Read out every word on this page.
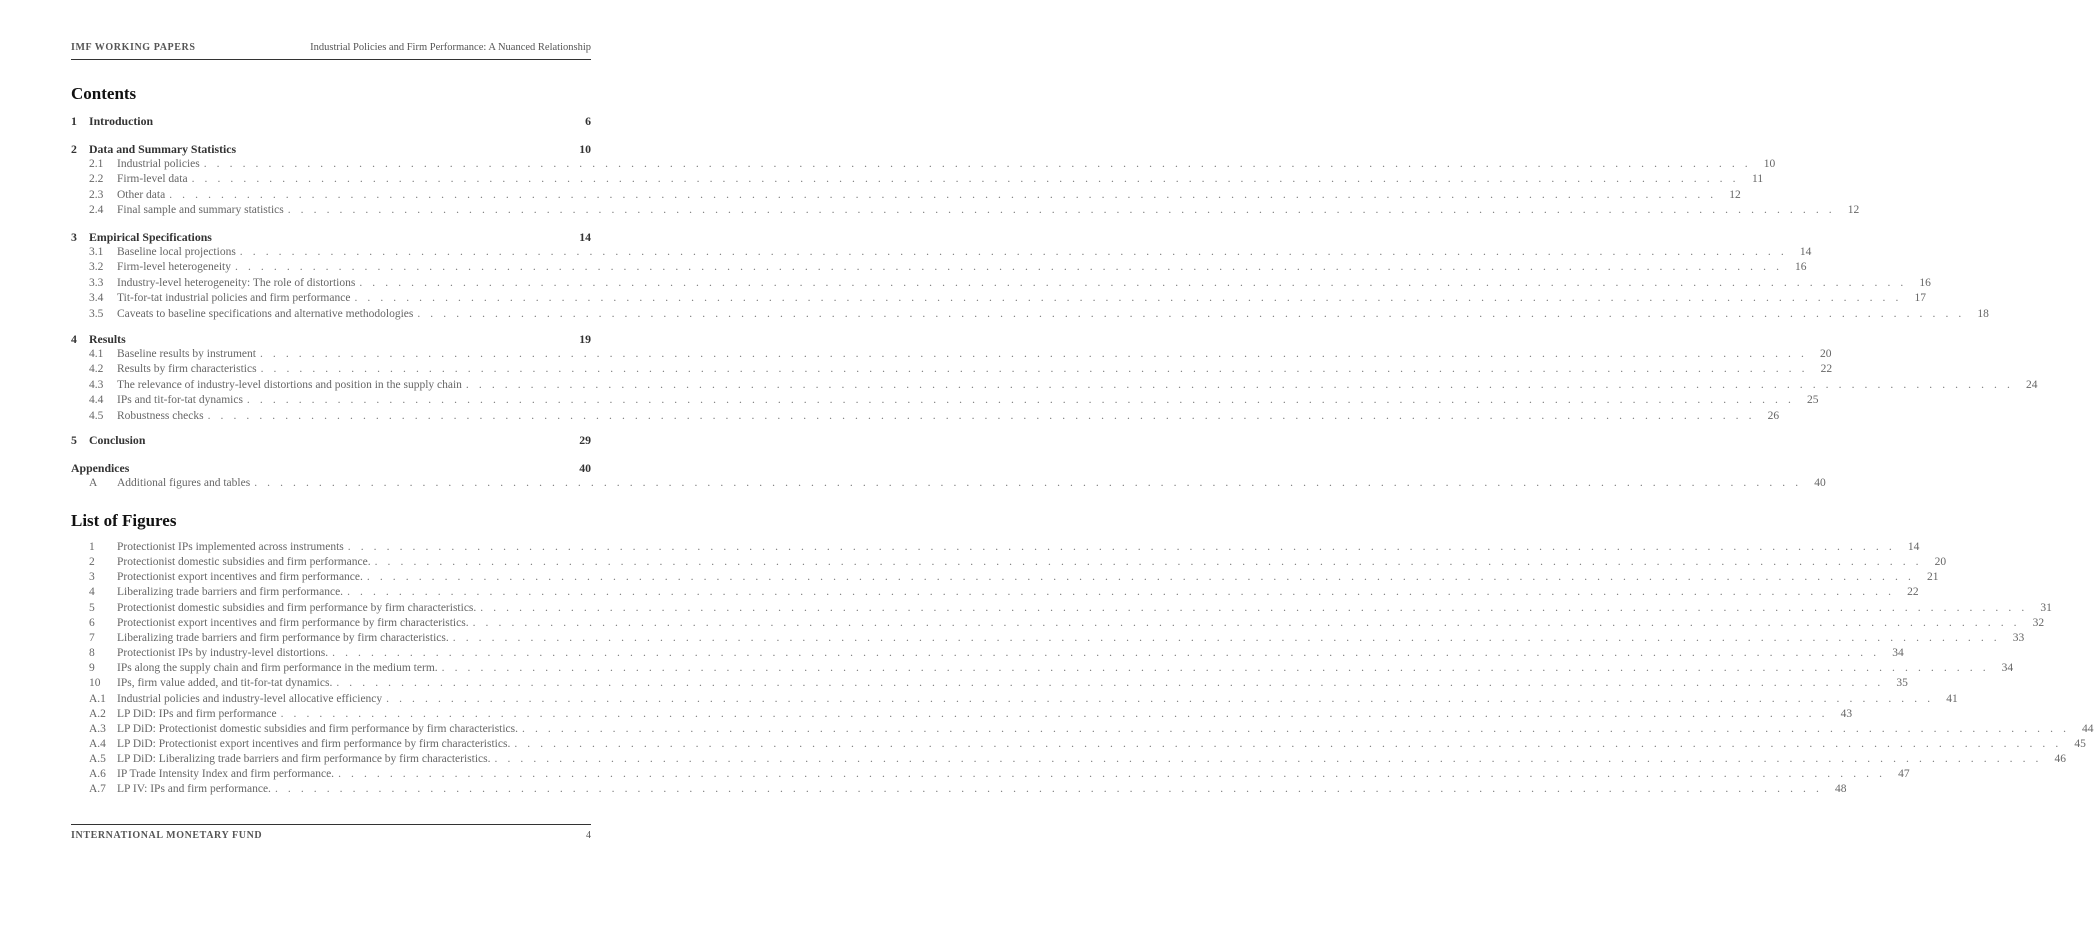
IMF WORKING PAPERS	Industrial Policies and Firm Performance: A Nuanced Relationship
Contents
1	Introduction	6
2	Data and Summary Statistics	10
2.1	Industrial policies . . . . . . . . . . . . . . . . . . . . . . . . . . . . . . . . . . . . . . . . . . . . . . . . . . . . . . . . . . . . . . . . . . . . . . . . . . . . . . . . . . . . . . . . . . . . . . . . . . . . . . . . . . . . . . . . . . . . . . . .	10
2.2	Firm-level data . . . . . . . . . . . . . . . . . . . . . . . . . . . . . . . . . . . . . . . . . . . . . . . . . . . . . . . . . . . . . . . . . . . . . . . . . . . . . . . . . . . . . . . . . . . . . . . . . . . . . . . . . . . . . . . . . . . . . . . .	11
2.3	Other data . . . . . . . . . . . . . . . . . . . . . . . . . . . . . . . . . . . . . . . . . . . . . . . . . . . . . . . . . . . . . . . . . . . . . . . . . . . . . . . . . . . . . . . . . . . . . . . . . . . . . . . . . . . . . . . . . . . . . . . .	12
2.4	Final sample and summary statistics . . . . . . . . . . . . . . . . . . . . . . . . . . . . . . . . . . . . . . . . . . . . . . . . . . . . . . . . . . . . . . . . . . . . . . . . . . . . . . . . . . . . . . . . . . . . . . . . . . . . . . . . . . . . . . . . . . . . . . . .	12
3	Empirical Specifications	14
3.1	Baseline local projections . . . . . . . . . . . . . . . . . . . . . . . . . . . . . . . . . . . . . . . . . . . . . . . . . . . . . . . . . . . . . . . . . . . . . . . . . . . . . . . . . . . . . . . . . . . . . . . . . . . . . . . . . . . . . . . . . . . . . . . .	14
3.2	Firm-level heterogeneity . . . . . . . . . . . . . . . . . . . . . . . . . . . . . . . . . . . . . . . . . . . . . . . . . . . . . . . . . . . . . . . . . . . . . . . . . . . . . . . . . . . . . . . . . . . . . . . . . . . . . . . . . . . . . . . . . . . . . . . .	16
3.3	Industry-level heterogeneity: The role of distortions . . . . . . . . . . . . . . . . . . . . . . . . . . . . . . . . . . . . . . . . . . . . . . . . . . . . . . . . . . . . . . . . . . . . . . . . . . . . . . . . . . . . . . . . . . . . . . . . . . . . . . . . . . . . . . . . . . . . . . . .	16
3.4	Tit-for-tat industrial policies and firm performance . . . . . . . . . . . . . . . . . . . . . . . . . . . . . . . . . . . . . . . . . . . . . . . . . . . . . . . . . . . . . . . . . . . . . . . . . . . . . . . . . . . . . . . . . . . . . . . . . . . . . . . . . . . . . . . . . . . . . . . .	17
3.5	Caveats to baseline specifications and alternative methodologies . . . . . . . . . . . . . . . . . . . . . . . . . . . . . . . . . . . . . . . . . . . . . . . . . . . . . . . . . . . . . . . . . . . . . . . . . . . . . . . . . . . . . . . . . . . . . . . . . . . . . . . . . . . . . . . . . . . . . . . .	18
4	Results	19
4.1	Baseline results by instrument . . . . . . . . . . . . . . . . . . . . . . . . . . . . . . . . . . . . . . . . . . . . . . . . . . . . . . . . . . . . . . . . . . . . . . . . . . . . . . . . . . . . . . . . . . . . . . . . . . . . . . . . . . . . . . . . . . . . . . . .	20
4.2	Results by firm characteristics . . . . . . . . . . . . . . . . . . . . . . . . . . . . . . . . . . . . . . . . . . . . . . . . . . . . . . . . . . . . . . . . . . . . . . . . . . . . . . . . . . . . . . . . . . . . . . . . . . . . . . . . . . . . . . . . . . . . . . . .	22
4.3	The relevance of industry-level distortions and position in the supply chain . . . . . . . . . . . . . . . . . . . . . . . . . . . . . . . . . . . . . . . . . . . . . . . . . . . . . . . . . . . . . . . . . . . . . . . . . . . . . . . . . . . . . . . . . . . . . . . . . . . . . . . . . . . . . . . . . . . . . . . .	24
4.4	IPs and tit-for-tat dynamics . . . . . . . . . . . . . . . . . . . . . . . . . . . . . . . . . . . . . . . . . . . . . . . . . . . . . . . . . . . . . . . . . . . . . . . . . . . . . . . . . . . . . . . . . . . . . . . . . . . . . . . . . . . . . . . . . . . . . . . .	25
4.5	Robustness checks . . . . . . . . . . . . . . . . . . . . . . . . . . . . . . . . . . . . . . . . . . . . . . . . . . . . . . . . . . . . . . . . . . . . . . . . . . . . . . . . . . . . . . . . . . . . . . . . . . . . . . . . . . . . . . . . . . . . . . . .	26
5	Conclusion	29
Appendices	40
A	Additional figures and tables . . . . . . . . . . . . . . . . . . . . . . . . . . . . . . . . . . . . . . . . . . . . . . . . . . . . . . . . . . . . . . . . . . . . . . . . . . . . . . . . . . . . . . . . . . . . . . . . . . . . . . . . . . . . . . . . . . . . . . . .	40
List of Figures
1	Protectionist IPs implemented across instruments . . . . . . . . . . . . . . . . . . . . . . . . . . . . . . . . . . . . . . . . . . . . . . . . . . . . . . . . . . . . . . . . . . . . . . . . . . . . . . . . . . . . . . . . . . . . . . . . . . . . . . . . . . . . . . . . . . . . . . . .	14
2	Protectionist domestic subsidies and firm performance. . . . . . . . . . . . . . . . . . . . . . . . . . . . . . . . . . . . . . . . . . . . . . . . . . . . . . . . . . . . . . . . . . . . . . . . . . . . . . . . . . . . . . . . . . . . . . . . . . . . . . . . . . . . . . . . . . . . . . . . .	20
3	Protectionist export incentives and firm performance. . . . . . . . . . . . . . . . . . . . . . . . . . . . . . . . . . . . . . . . . . . . . . . . . . . . . . . . . . . . . . . . . . . . . . . . . . . . . . . . . . . . . . . . . . . . . . . . . . . . . . . . . . . . . . . . . . . . . . . . .	21
4	Liberalizing trade barriers and firm performance. . . . . . . . . . . . . . . . . . . . . . . . . . . . . . . . . . . . . . . . . . . . . . . . . . . . . . . . . . . . . . . . . . . . . . . . . . . . . . . . . . . . . . . . . . . . . . . . . . . . . . . . . . . . . . . . . . . . . . . . .	22
5	Protectionist domestic subsidies and firm performance by firm characteristics. . . . . . . . . . . . . . . . . . . . . . . . . . . . . . . . . . . . . . . . . . . . . . . . . . . . . . . . . . . . . . . . . . . . . . . . . . . . . . . . . . . . . . . . . . . . . . . . . . . . . . . . . . . . . . . . . . . . . . . . .	31
6	Protectionist export incentives and firm performance by firm characteristics. . . . . . . . . . . . . . . . . . . . . . . . . . . . . . . . . . . . . . . . . . . . . . . . . . . . . . . . . . . . . . . . . . . . . . . . . . . . . . . . . . . . . . . . . . . . . . . . . . . . . . . . . . . . . . . . . . . . . . . . .	32
7	Liberalizing trade barriers and firm performance by firm characteristics. . . . . . . . . . . . . . . . . . . . . . . . . . . . . . . . . . . . . . . . . . . . . . . . . . . . . . . . . . . . . . . . . . . . . . . . . . . . . . . . . . . . . . . . . . . . . . . . . . . . . . . . . . . . . . . . . . . . . . . . .	33
8	Protectionist IPs by industry-level distortions. . . . . . . . . . . . . . . . . . . . . . . . . . . . . . . . . . . . . . . . . . . . . . . . . . . . . . . . . . . . . . . . . . . . . . . . . . . . . . . . . . . . . . . . . . . . . . . . . . . . . . . . . . . . . . . . . . . . . . . . .	34
9	IPs along the supply chain and firm performance in the medium term. . . . . . . . . . . . . . . . . . . . . . . . . . . . . . . . . . . . . . . . . . . . . . . . . . . . . . . . . . . . . . . . . . . . . . . . . . . . . . . . . . . . . . . . . . . . . . . . . . . . . . . . . . . . . . . . . . . . . . . . .	34
10	IPs, firm value added, and tit-for-tat dynamics. . . . . . . . . . . . . . . . . . . . . . . . . . . . . . . . . . . . . . . . . . . . . . . . . . . . . . . . . . . . . . . . . . . . . . . . . . . . . . . . . . . . . . . . . . . . . . . . . . . . . . . . . . . . . . . . . . . . . . . . .	35
A.1 Industrial policies and industry-level allocative efficiency . . . . . . . . . . . . . . . . . . . . . . . . . . . . . . . . . . . . . . . . . . . . . . . . . . . . . . . . . . . . . . . . . . . . . . . . . . . . . . . . . . . . . . . . . . . . . . . . . . . . . . . . . . . . . . . . . . . . . . . .	41
A.2 LP DiD: IPs and firm performance . . . . . . . . . . . . . . . . . . . . . . . . . . . . . . . . . . . . . . . . . . . . . . . . . . . . . . . . . . . . . . . . . . . . . . . . . . . . . . . . . . . . . . . . . . . . . . . . . . . . . . . . . . . . . . . . . . . . . . . .	43
A.3 LP DiD: Protectionist domestic subsidies and firm performance by firm characteristics. . . . . . . . . . . . . . . . . . . . . . . . . . . . . . . . . . . . . . . . . . . . . . . . . . . . . . . . . . . . . . . . . . . . . . . . . . . . . . . . . . . . . . . . . . . . . . . . . . . . . . . . . . . . . . . . . . . . . . . . .	44
A.4 LP DiD: Protectionist export incentives and firm performance by firm characteristics. . . . . . . . . . . . . . . . . . . . . . . . . . . . . . . . . . . . . . . . . . . . . . . . . . . . . . . . . . . . . . . . . . . . . . . . . . . . . . . . . . . . . . . . . . . . . . . . . . . . . . . . . . . . . . . . . . . . . . . . .	45
A.5 LP DiD: Liberalizing trade barriers and firm performance by firm characteristics. . . . . . . . . . . . . . . . . . . . . . . . . . . . . . . . . . . . . . . . . . . . . . . . . . . . . . . . . . . . . . . . . . . . . . . . . . . . . . . . . . . . . . . . . . . . . . . . . . . . . . . . . . . . . . . . . . . . . . . . .	46
A.6 IP Trade Intensity Index and firm performance. . . . . . . . . . . . . . . . . . . . . . . . . . . . . . . . . . . . . . . . . . . . . . . . . . . . . . . . . . . . . . . . . . . . . . . . . . . . . . . . . . . . . . . . . . . . . . . . . . . . . . . . . . . . . . . . . . . . . . . . .	47
A.7 LP IV: IPs and firm performance. . . . . . . . . . . . . . . . . . . . . . . . . . . . . . . . . . . . . . . . . . . . . . . . . . . . . . . . . . . . . . . . . . . . . . . . . . . . . . . . . . . . . . . . . . . . . . . . . . . . . . . . . . . . . . . . . . . . . . . . .	48
INTERNATIONAL MONETARY FUND	4
